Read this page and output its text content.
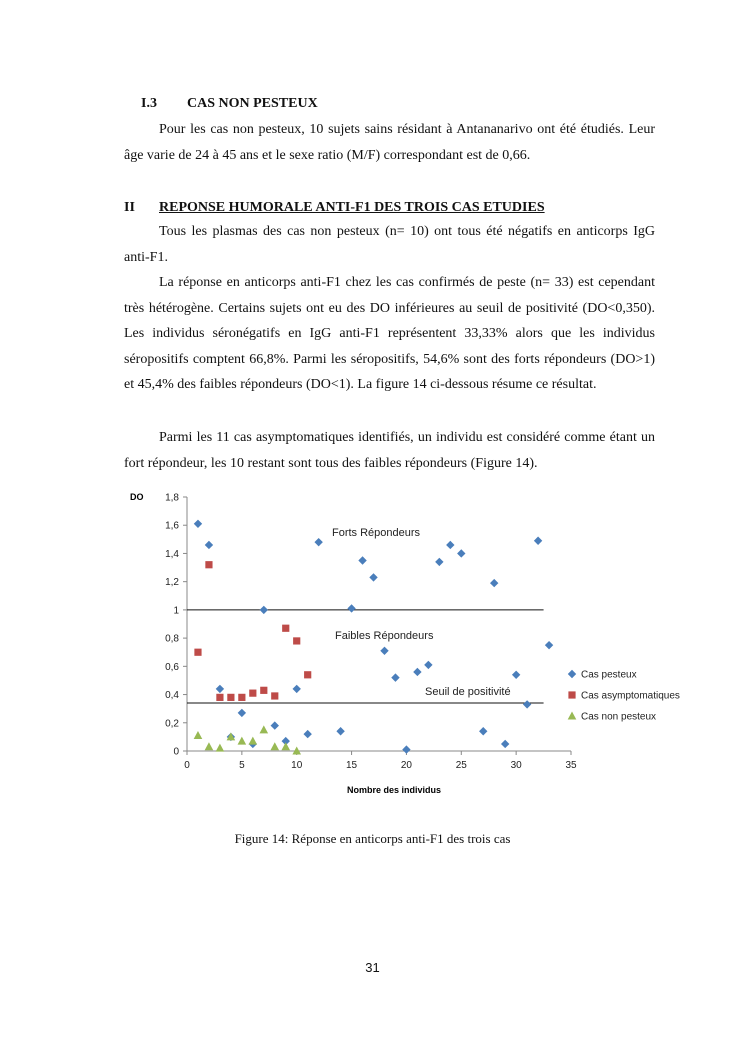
I.3 CAS NON PESTEUX
Pour les cas non pesteux, 10 sujets sains résidant à Antananarivo ont été étudiés. Leur âge varie de 24 à 45 ans et le sexe ratio (M/F) correspondant est de 0,66.
II REPONSE HUMORALE ANTI-F1 DES TROIS CAS ETUDIES
Tous les plasmas des cas non pesteux (n= 10) ont tous été négatifs en anticorps IgG anti-F1.
La réponse en anticorps anti-F1 chez les cas confirmés de peste (n= 33) est cependant très hétérogène. Certains sujets ont eu des DO inférieures au seuil de positivité (DO<0,350). Les individus séronégatifs en IgG anti-F1 représentent 33,33% alors que les individus séropositifs comptent 66,8%. Parmi les séropositifs, 54,6% sont des forts répondeurs (DO>1) et 45,4% des faibles répondeurs (DO<1). La figure 14 ci-dessous résume ce résultat.
Parmi les 11 cas asymptomatiques identifiés, un individu est considéré comme étant un fort répondeur, les 10 restant sont tous des faibles répondeurs (Figure 14).
DO
Nombre des individus
Forts Répondeurs
Faibles Répondeurs
Seuil de positivité
0
0,2
0,4
0,6
0,8
1
1,2
1,4
1,6
1,8
0	5	10	15	20	25	30	35
Cas pesteux
Cas asymptomatiques
Cas non pesteux
Figure 14: Réponse en anticorps anti-F1 des trois cas
31
